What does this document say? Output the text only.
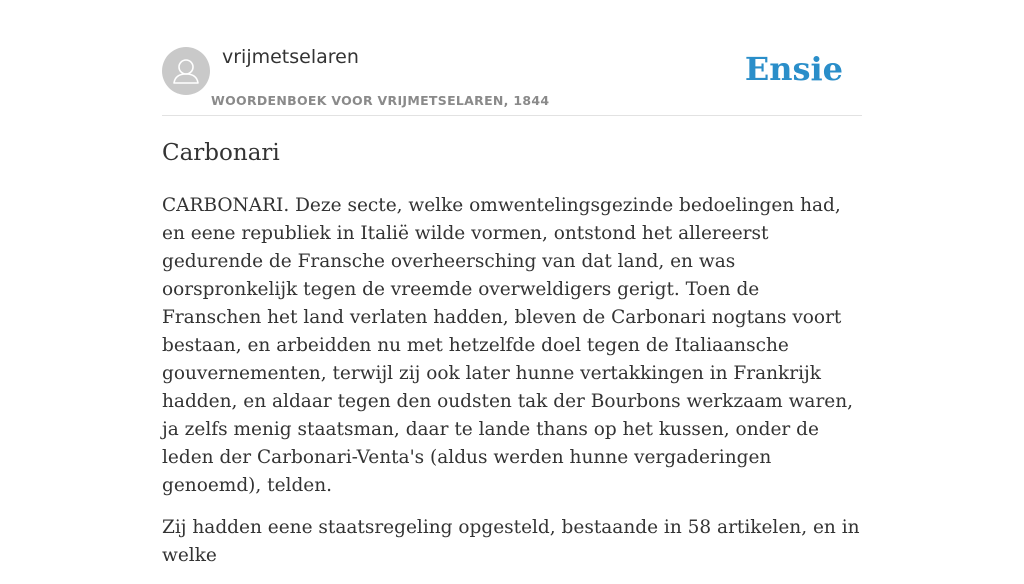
vrijmetselaren
WOORDENBOEK VOOR VRIJMETSELAREN, 1844
Ensie
Carbonari

CARBONARI. Deze secte, welke omwentelingsgezinde bedoelingen had, en eene republiek in Italië wilde vormen, ontstond het allereerst gedurende de Fransche overheersching van dat land, en was oorspronkelijk tegen de vreemde overweldigers gerigt. Toen de Franschen het land verlaten hadden, bleven de Carbonari nogtans voort bestaan, en arbeidden nu met hetzelfde doel tegen de Italiaansche gouvernementen, terwijl zij ook later hunne vertakkingen in Frankrijk hadden, en aldaar tegen den oudsten tak der Bourbons werkzaam waren, ja zelfs menig staatsman, daar te lande thans op het kussen, onder de leden der Carbonari-Venta's (aldus werden hunne vergaderingen genoemd), telden.

Zij hadden eene staatsregeling opgesteld, bestaande in 58 artikelen, en in welke
